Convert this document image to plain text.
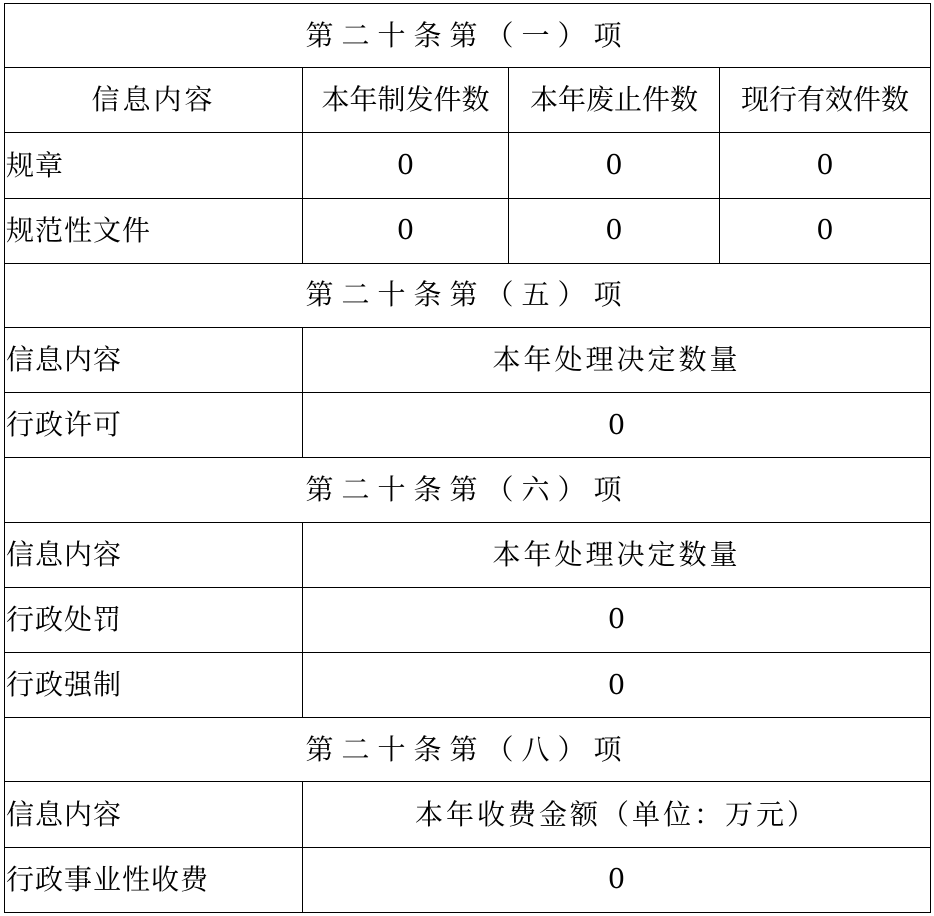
第二十条第（一）项			
信息内容	本年制发件数	本年废止件数	现行有效件数
规章	0	0	0
规范性文件	0	0	0
第二十条第（五）项			
信息内容	本年处理决定数量		
行政许可	0		
第二十条第（六）项			
信息内容	本年处理决定数量		
行政处罚	0		
行政强制	0		
第二十条第（八）项			
信息内容	本年收费金额（单位：万元）		
行政事业性收费	0		
